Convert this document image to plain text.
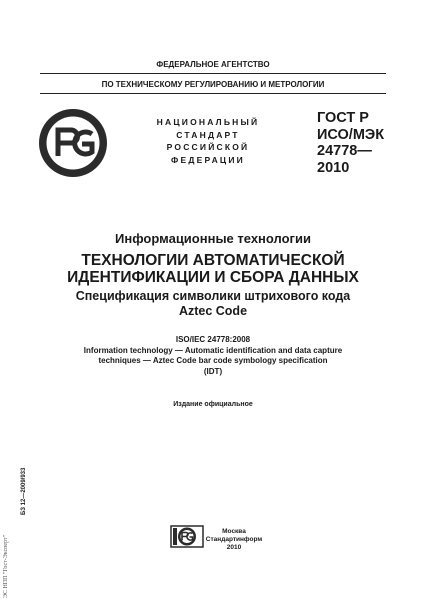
ФЕДЕРАЛЬНОЕ АГЕНТСТВО
ПО ТЕХНИЧЕСКОМУ РЕГУЛИРОВАНИЮ И МЕТРОЛОГИИ
НАЦИОНАЛЬНЫЙ
СТАНДАРТ
РОССИЙСКОЙ
ФЕДЕРАЦИИ
ГОСТ Р
ИСО/МЭК
24778—
2010
Информационные технологии
ТЕХНОЛОГИИ АВТОМАТИЧЕСКОЙ
ИДЕНТИФИКАЦИИ И СБОРА ДАННЫХ
Спецификация символики штрихового кода
Aztec Code
ISO/IEC 24778:2008
Information technology — Automatic identification and data capture
techniques — Aztec Code bar code symbology specification
(IDT)
Издание официальное
БЗ 12—2009/933
ЭС НПП "Гост-Эксперт"
Москва
Стандартинформ
2010
